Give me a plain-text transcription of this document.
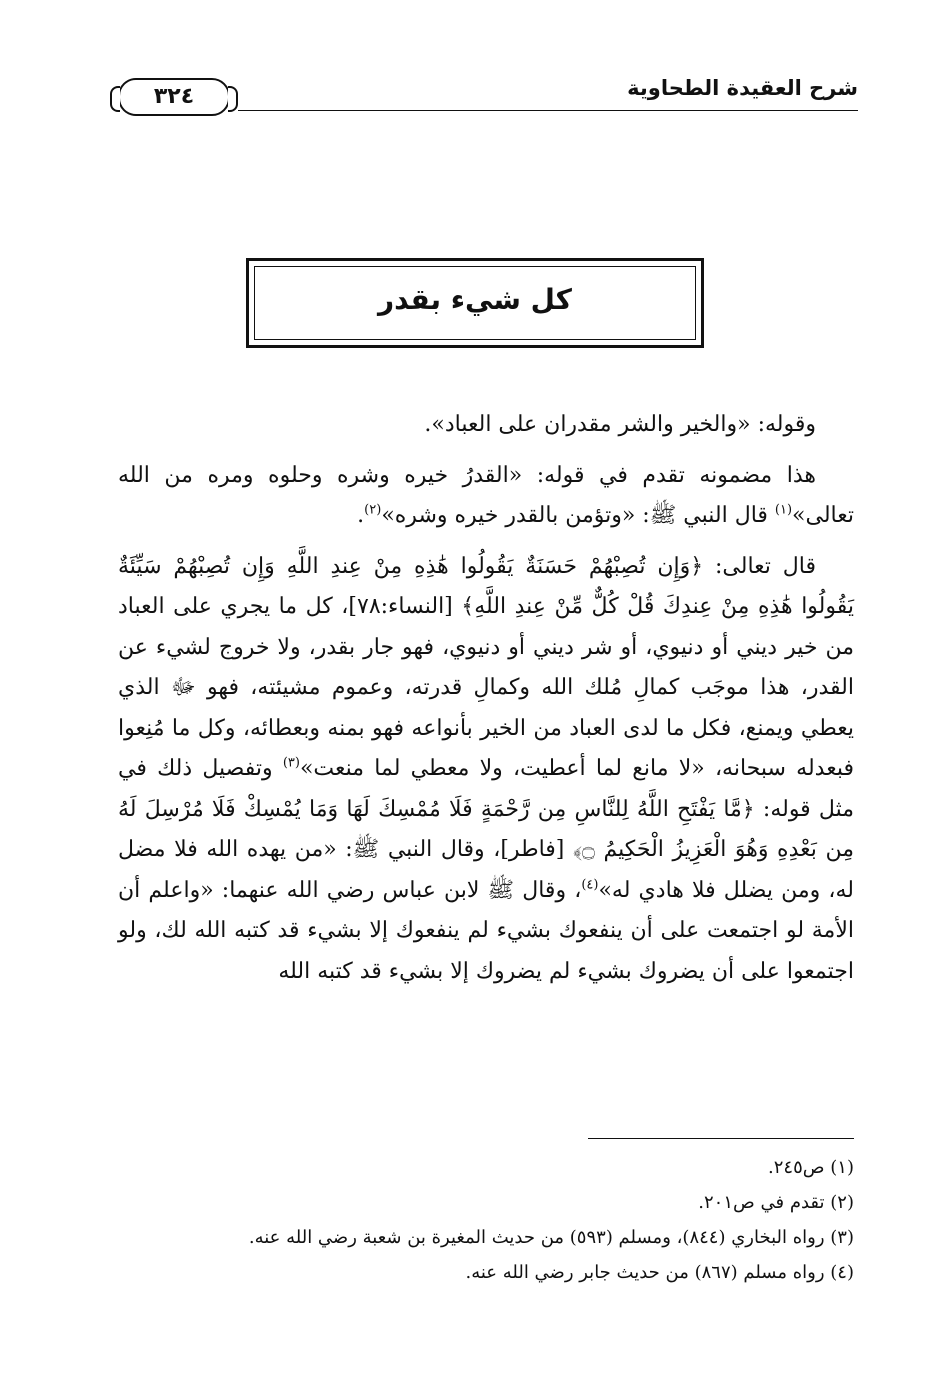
شرح العقيدة الطحاوية
٣٢٤
كل شيء بقدر

وقوله: «والخير والشر مقدران على العباد».

هذا مضمونه تقدم في قوله: «القدرُ خيره وشره وحلوه ومره من الله تعالى»$^{(١)}$ قال النبي ﷺ: «وتؤمن بالقدر خيره وشره»$^{(٢)}$.

قال تعالى: ﴿وَإِن تُصِبْهُمْ حَسَنَةٌ يَقُولُوا هَٰذِهِ مِنْ عِندِ اللَّهِ وَإِن تُصِبْهُمْ سَيِّئَةٌ يَقُولُوا هَٰذِهِ مِنْ عِندِكَ قُلْ كُلٌّ مِّنْ عِندِ اللَّهِ﴾ [النساء:٧٨]، كل ما يجري على العباد من خير ديني أو دنيوي، أو شر ديني أو دنيوي، فهو جار بقدر، ولا خروج لشيء عن القدر، هذا موجَب كمالِ مُلك الله وكمالِ قدرته، وعموم مشيئته، فهو ﷻ الذي يعطي ويمنع، فكل ما لدى العباد من الخير بأنواعه فهو بمنه وبعطائه، وكل ما مُنِعوا فبعدله سبحانه، «لا مانع لما أعطيت، ولا معطي لما منعت»$^{(٣)}$ وتفصيل ذلك في مثل قوله: ﴿مَّا يَفْتَحِ اللَّهُ لِلنَّاسِ مِن رَّحْمَةٍ فَلَا مُمْسِكَ لَهَا وَمَا يُمْسِكْ فَلَا مُرْسِلَ لَهُ مِن بَعْدِهِ وَهُوَ الْعَزِيزُ الْحَكِيمُ ۝﴾ [فاطر]، وقال النبي ﷺ: «من يهده الله فلا مضل له، ومن يضلل فلا هادي له»$^{(٤)}$، وقال ﷺ لابن عباس رضي الله عنهما: «واعلم أن الأمة لو اجتمعت على أن ينفعوك بشيء لم ينفعوك إلا بشيء قد كتبه الله لك، ولو اجتمعوا على أن يضروك بشيء لم يضروك إلا بشيء قد كتبه الله

(١) ص٢٤٥.
(٢) تقدم في ص٢٠١.
(٣) رواه البخاري (٨٤٤)، ومسلم (٥٩٣) من حديث المغيرة بن شعبة رضي الله عنه.
(٤) رواه مسلم (٨٦٧) من حديث جابر رضي الله عنه.
